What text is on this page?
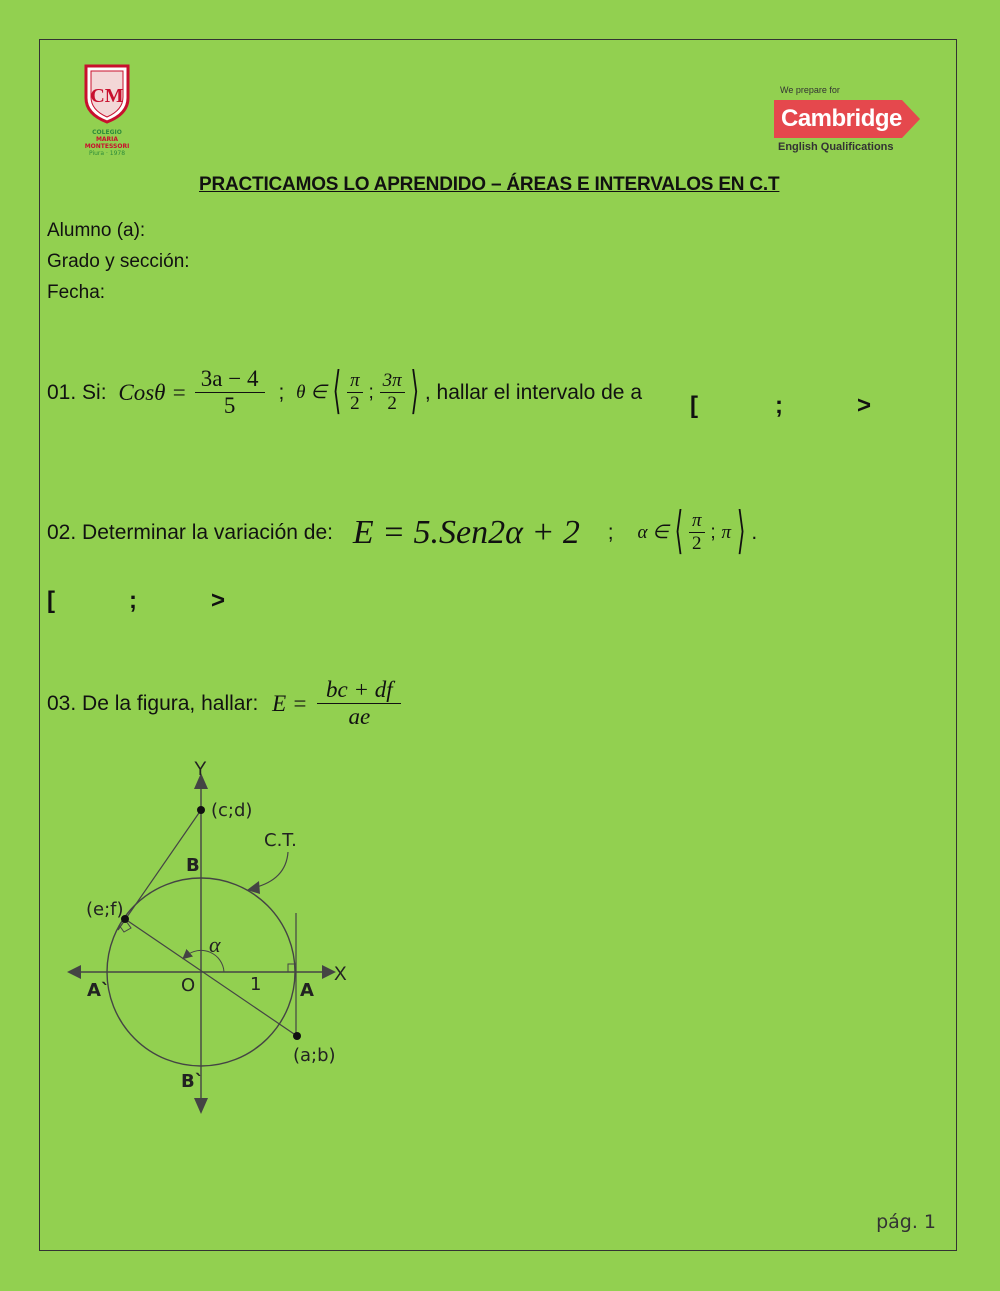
CM
COLEGIO
MARIA
MONTESSORI
Piura · 1978
We prepare for
Cambridge
English Qualifications
PRACTICAMOS LO APRENDIDO – ÁREAS E INTERVALOS EN C.T
Alumno (a):
Grado y sección:
Fecha:
01. Si: $Cos\theta = \frac{3a - 4}{5}$ ; θ ∈ ⟨ $\frac{\pi}{2}$ ; $\frac{3\pi}{2}$ ⟩ , hallar el intervalo de a [	;	>
02. Determinar la variación de: E = 5.Sen2α + 2 ; α ∈ ⟨ $\frac{\pi}{2}$ ; π ⟩ .
[	;	>
03. De la figura, hallar: $E = \frac{bc + df}{ae}$
Y
X
(c;d)
C.T.
B
(e;f)
α
A`	O	1 A
(a;b)
B`
pág. 1
